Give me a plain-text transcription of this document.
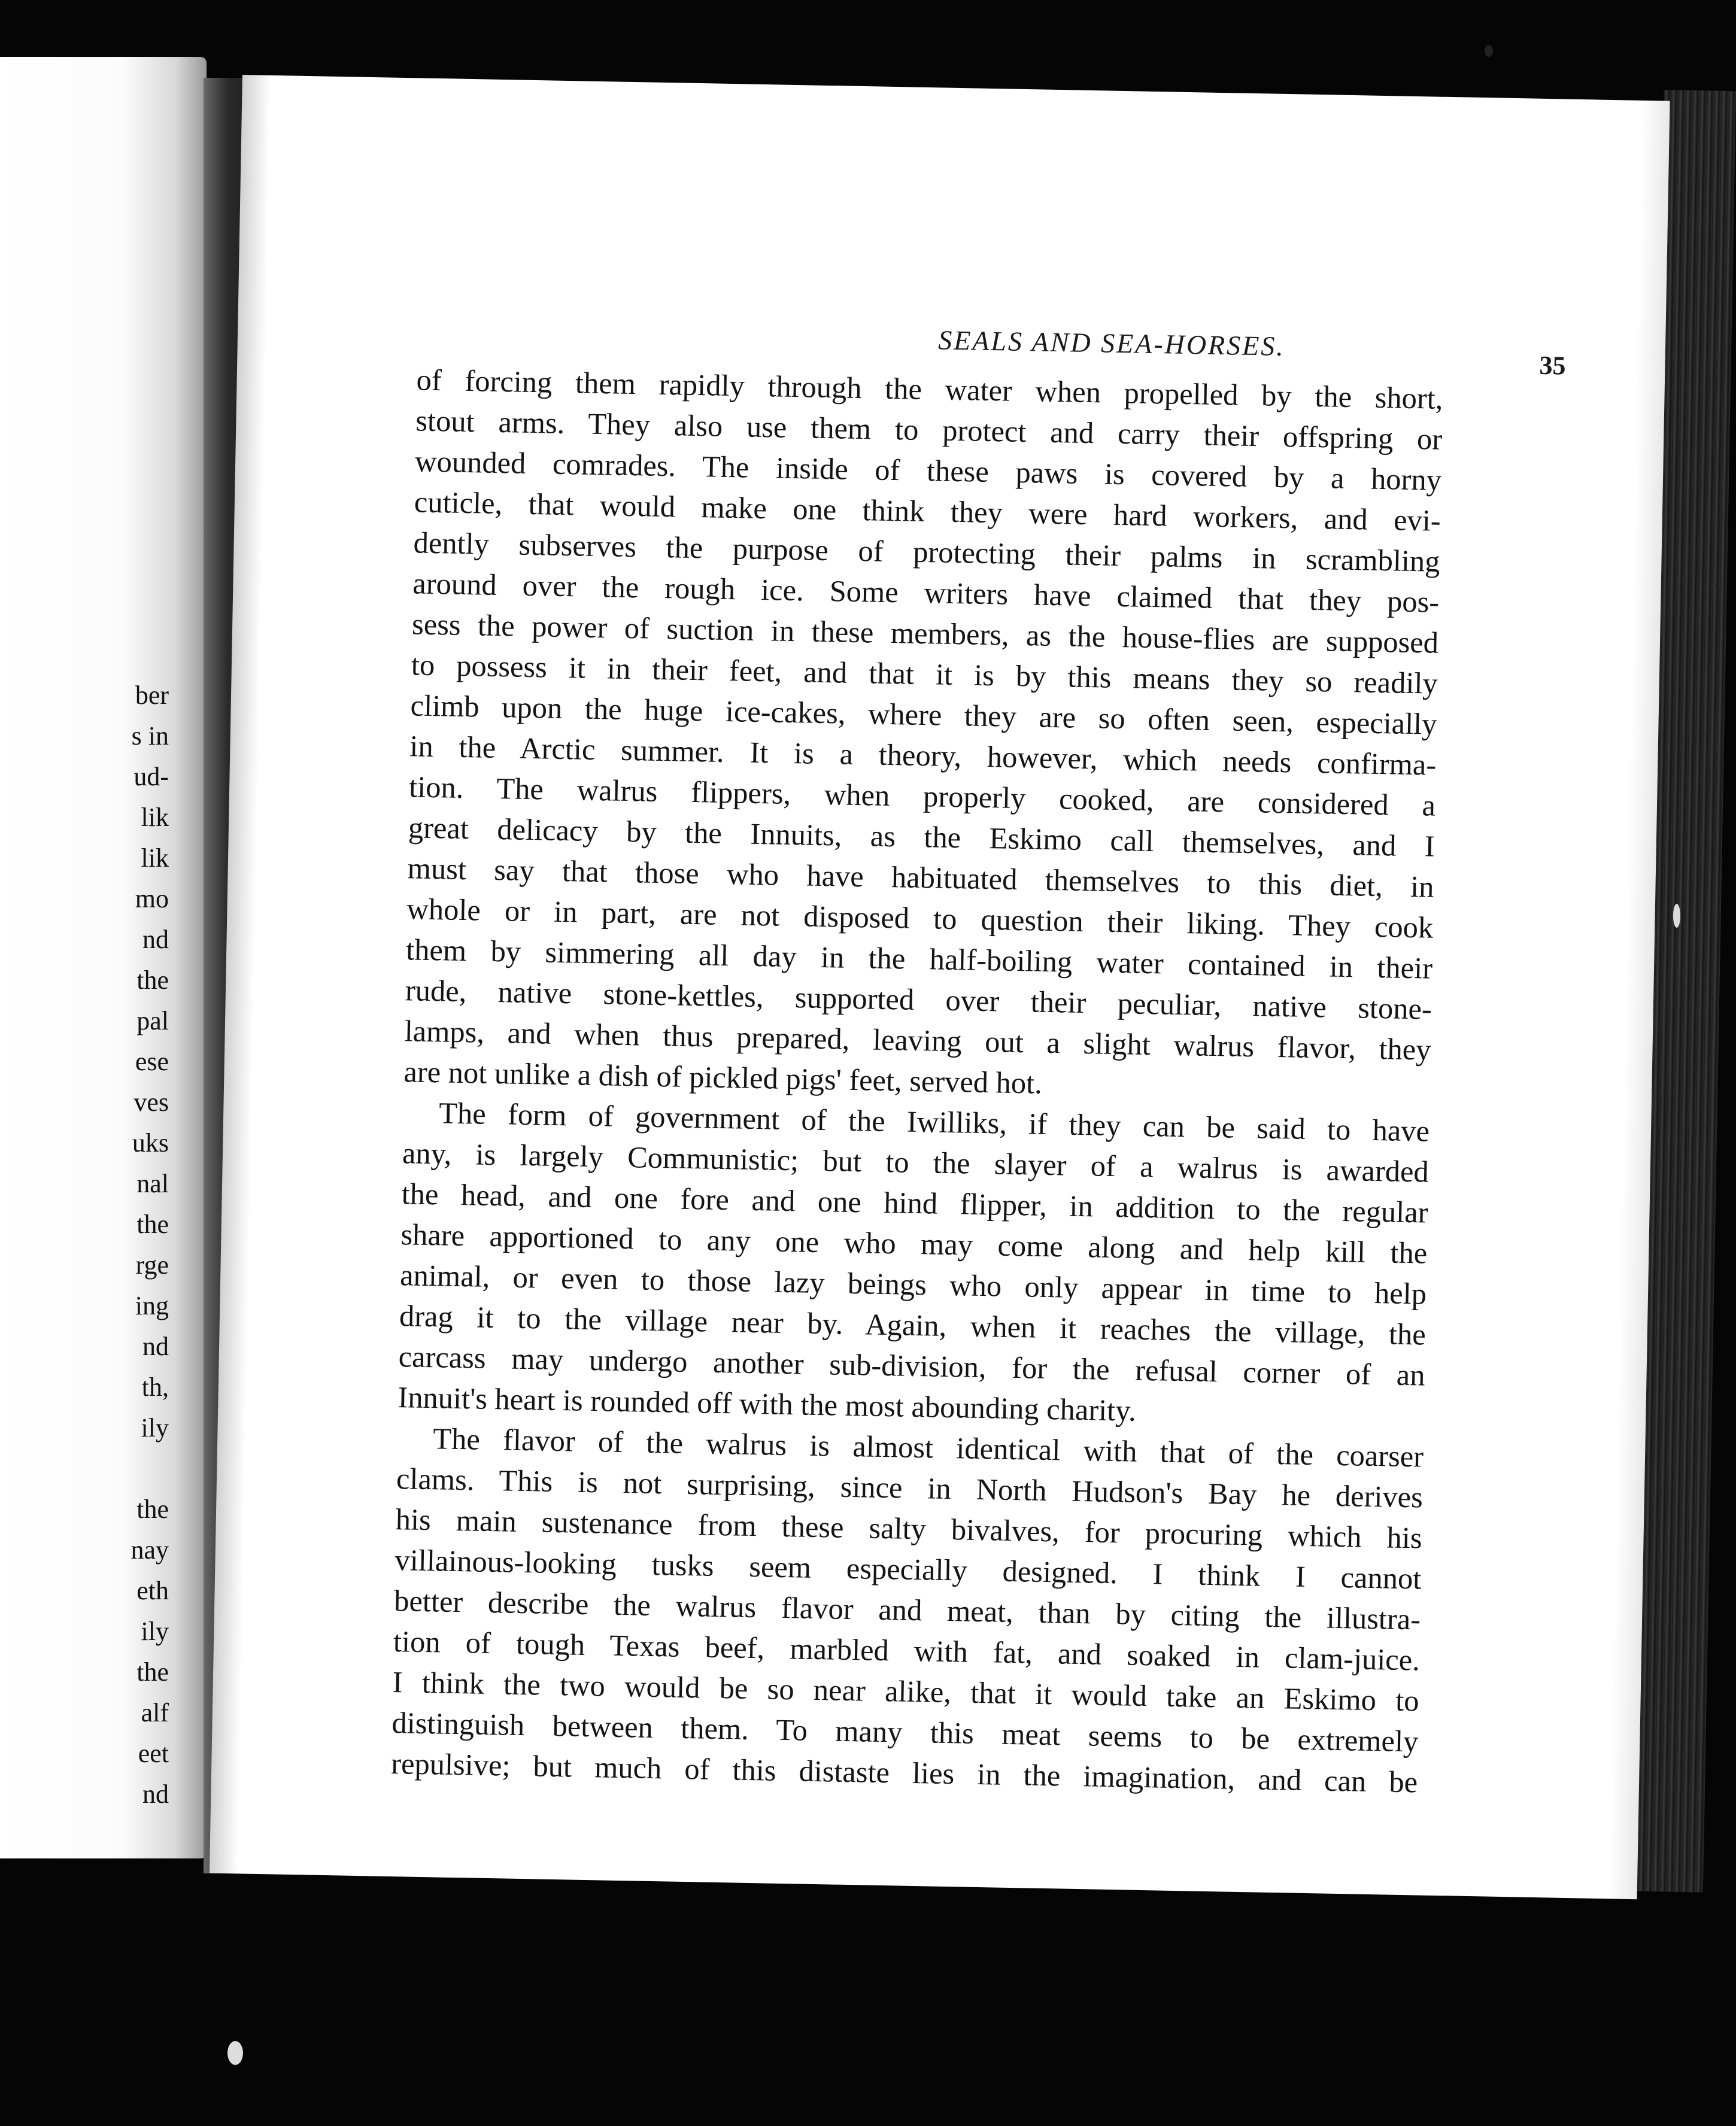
ber
s in
ud-
lik
lik
mo
nd
the
pal
ese
ves
uks
nal
the
rge
ing
nd
th,
ily
the
nay
eth
ily
the
alf
eet
nd
SEALS AND SEA-HORSES.
35
of forcing them rapidly through the water when propelled by the short,
stout arms. They also use them to protect and carry their offspring or
wounded comrades. The inside of these paws is covered by a horny
cuticle, that would make one think they were hard workers, and evi-
dently subserves the purpose of protecting their palms in scrambling
around over the rough ice. Some writers have claimed that they pos-
sess the power of suction in these members, as the house-flies are supposed
to possess it in their feet, and that it is by this means they so readily
climb upon the huge ice-cakes, where they are so often seen, especially
in the Arctic summer. It is a theory, however, which needs confirma-
tion. The walrus flippers, when properly cooked, are considered a
great delicacy by the Innuits, as the Eskimo call themselves, and I
must say that those who have habituated themselves to this diet, in
whole or in part, are not disposed to question their liking. They cook
them by simmering all day in the half-boiling water contained in their
rude, native stone-kettles, supported over their peculiar, native stone-
lamps, and when thus prepared, leaving out a slight walrus flavor, they
are not unlike a dish of pickled pigs' feet, served hot.
The form of government of the Iwilliks, if they can be said to have
any, is largely Communistic; but to the slayer of a walrus is awarded
the head, and one fore and one hind flipper, in addition to the regular
share apportioned to any one who may come along and help kill the
animal, or even to those lazy beings who only appear in time to help
drag it to the village near by. Again, when it reaches the village, the
carcass may undergo another sub-division, for the refusal corner of an
Innuit's heart is rounded off with the most abounding charity.
The flavor of the walrus is almost identical with that of the coarser
clams. This is not surprising, since in North Hudson's Bay he derives
his main sustenance from these salty bivalves, for procuring which his
villainous-looking tusks seem especially designed. I think I cannot
better describe the walrus flavor and meat, than by citing the illustra-
tion of tough Texas beef, marbled with fat, and soaked in clam-juice.
I think the two would be so near alike, that it would take an Eskimo to
distinguish between them. To many this meat seems to be extremely
repulsive; but much of this distaste lies in the imagination, and can be
